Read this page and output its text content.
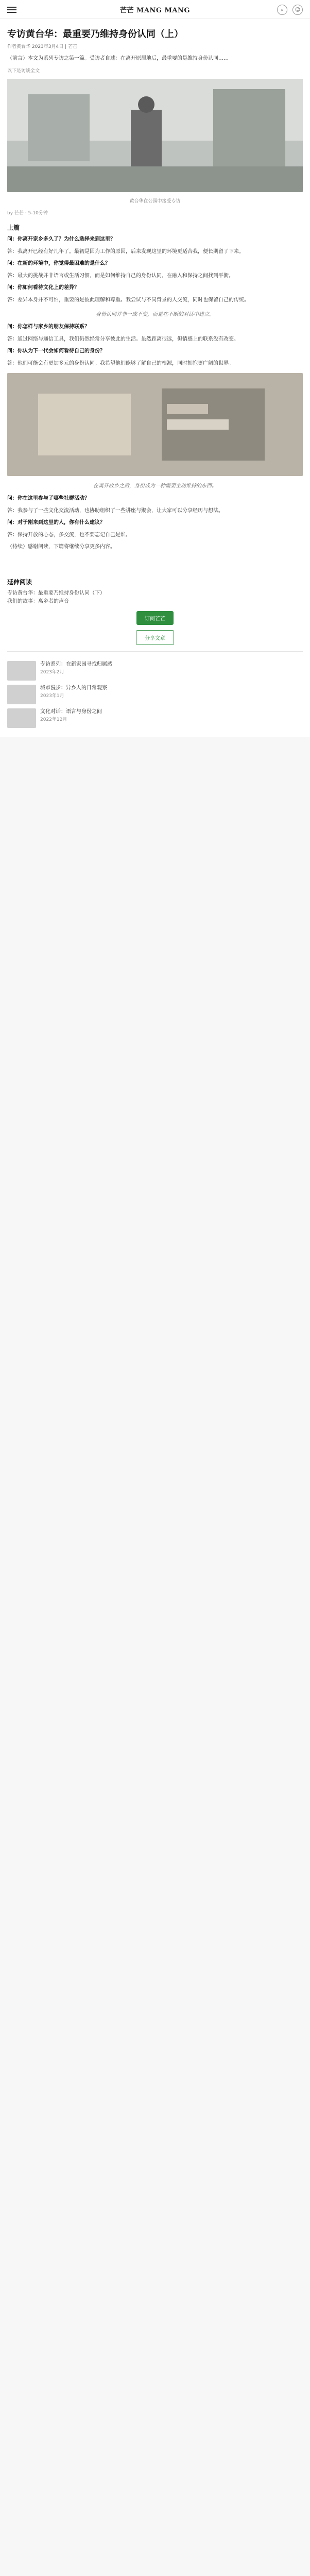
芒芒 MANG MANG	⌕	☺
专访黄台华：最重要乃维持身份认同（上）
作者黄台华 2023年3月4日 | 芒芒
（前言）本文为系列专访之第一篇。受访者自述：在离开原居地后，最重要的是维持身份认同……
以下是访谈全文
黄台华在公园中接受专访
by 芒芒 · 5-10分钟
上篇

问：你离开家乡多久了？为什么选择来到这里？

答：我离开已经有好几年了。最初是因为工作的原因，后来发现这里的环境更适合我，便长期留了下来。

问：在新的环境中，你觉得最困难的是什么？

答：最大的挑战并非语言或生活习惯，而是如何维持自己的身份认同，在融入和保持之间找到平衡。

问：你如何看待文化上的差异？

答：差异本身并不可怕，重要的是彼此理解和尊重。我尝试与不同背景的人交流，同时也保留自己的传统。

身份认同并非一成不变，而是在不断的对话中建立。

问：你怎样与家乡的朋友保持联系？

答：通过网络与通信工具，我们仍然经常分享彼此的生活。虽然距离很远，但情感上的联系没有改变。

问：你认为下一代会如何看待自己的身份？

答：他们可能会有更加多元的身份认同。我希望他们能够了解自己的根源，同时拥抱更广阔的世界。

在离开故乡之后，身份成为一种需要主动维持的东西。

问：你在这里参与了哪些社群活动？

答：我参与了一些文化交流活动，也协助组织了一些讲座与聚会，让大家可以分享经历与想法。

问：对于刚来到这里的人，你有什么建议？

答：保持开放的心态，多交流，也不要忘记自己是谁。

（待续）感谢阅读，下篇将继续分享更多内容。

延伸阅读
专访黄台华：最重要乃维持身份认同（下）
我们的故事：离乡者的声音
订阅芒芒
分享文章
专访系列：在新家园寻找归属感
2023年2月
城市漫步：异乡人的日常观察
2023年1月
文化对话：语言与身份之间
2022年12月
